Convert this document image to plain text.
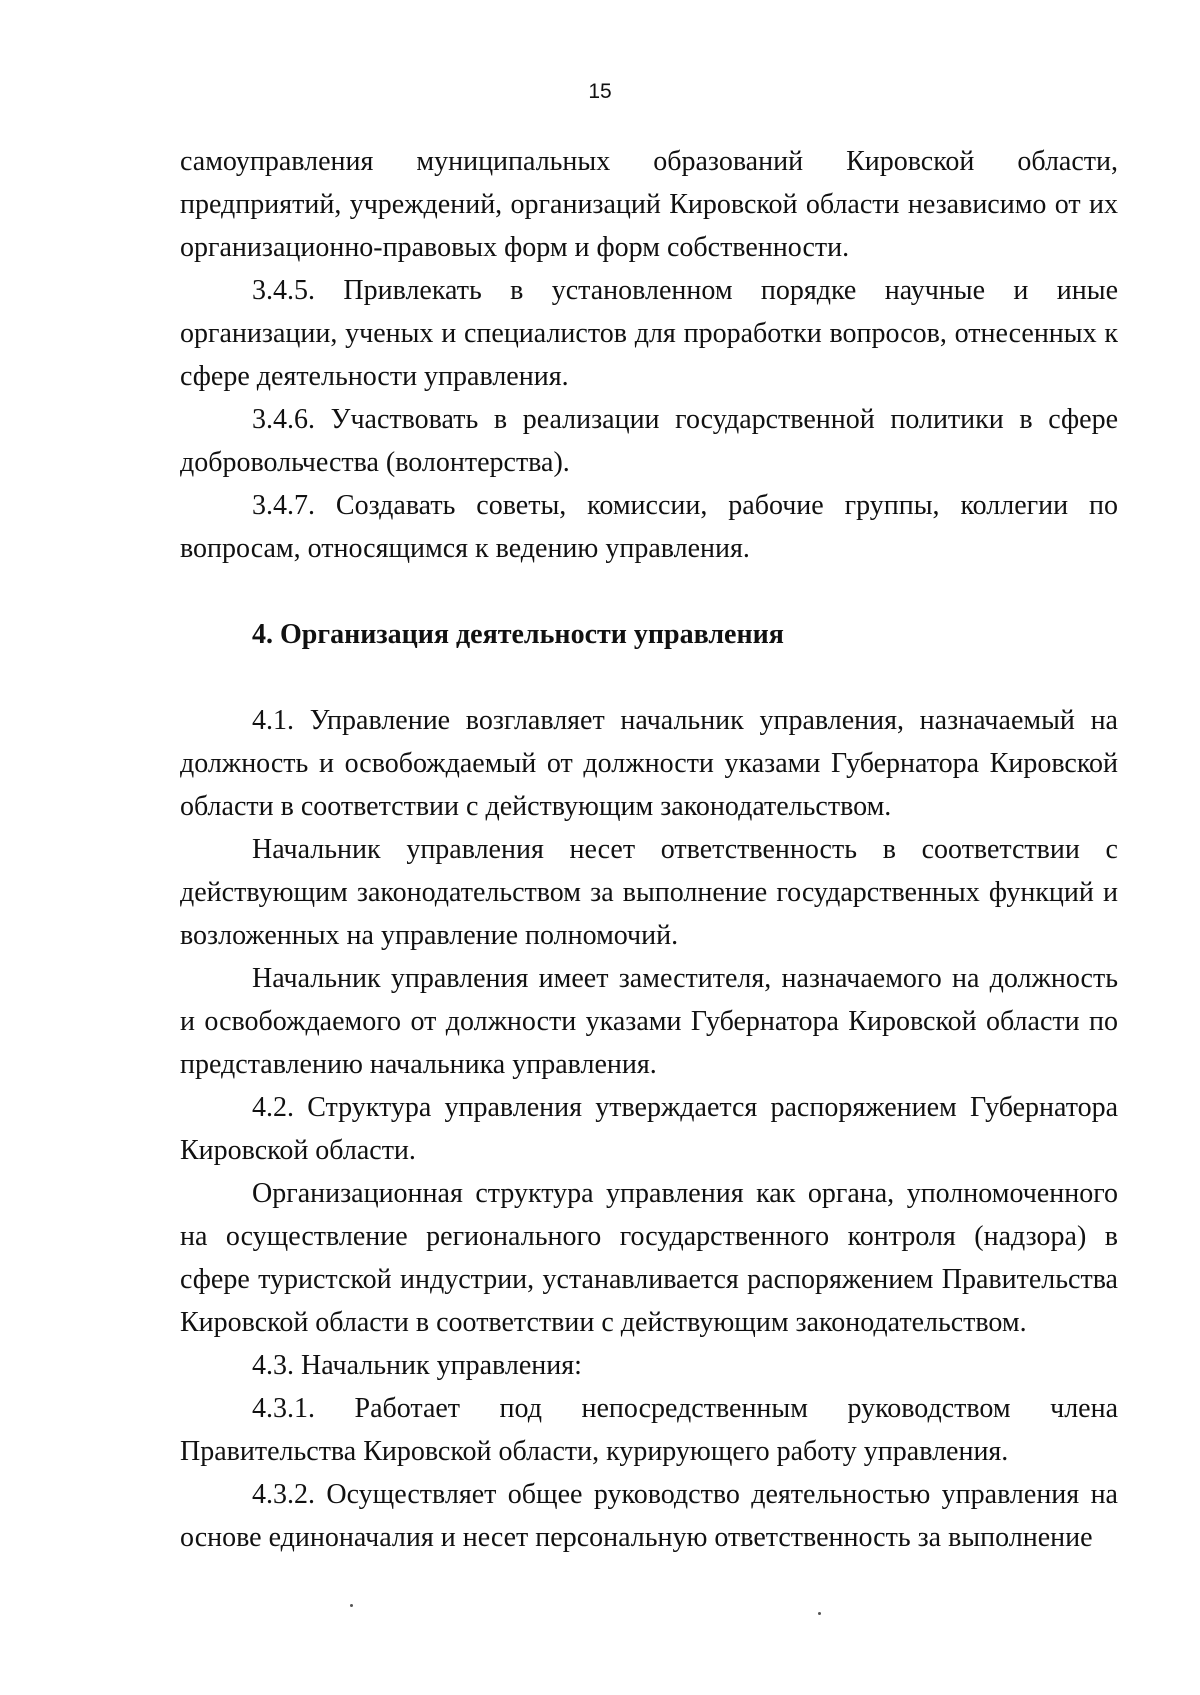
15

самоуправления муниципальных образований Кировской области, предприятий, учреждений, организаций Кировской области независимо от их организационно-правовых форм и форм собственности.

3.4.5. Привлекать в установленном порядке научные и иные организации, ученых и специалистов для проработки вопросов, отнесенных к сфере деятельности управления.

3.4.6. Участвовать в реализации государственной политики в сфере добровольчества (волонтерства).

3.4.7. Создавать советы, комиссии, рабочие группы, коллегии по вопросам, относящимся к ведению управления.

4. Организация деятельности управления

4.1. Управление возглавляет начальник управления, назначаемый на должность и освобождаемый от должности указами Губернатора Кировской области в соответствии с действующим законодательством.

Начальник управления несет ответственность в соответствии с действующим законодательством за выполнение государственных функций и возложенных на управление полномочий.

Начальник управления имеет заместителя, назначаемого на должность и освобождаемого от должности указами Губернатора Кировской области по представлению начальника управления.

4.2. Структура управления утверждается распоряжением Губернатора Кировской области.

Организационная структура управления как органа, уполномоченного на осуществление регионального государственного контроля (надзора) в сфере туристской индустрии, устанавливается распоряжением Правительства Кировской области в соответствии с действующим законодательством.

4.3. Начальник управления:

4.3.1. Работает под непосредственным руководством члена Правительства Кировской области, курирующего работу управления.

4.3.2. Осуществляет общее руководство деятельностью управления на основе единоначалия и несет персональную ответственность за выполнение
